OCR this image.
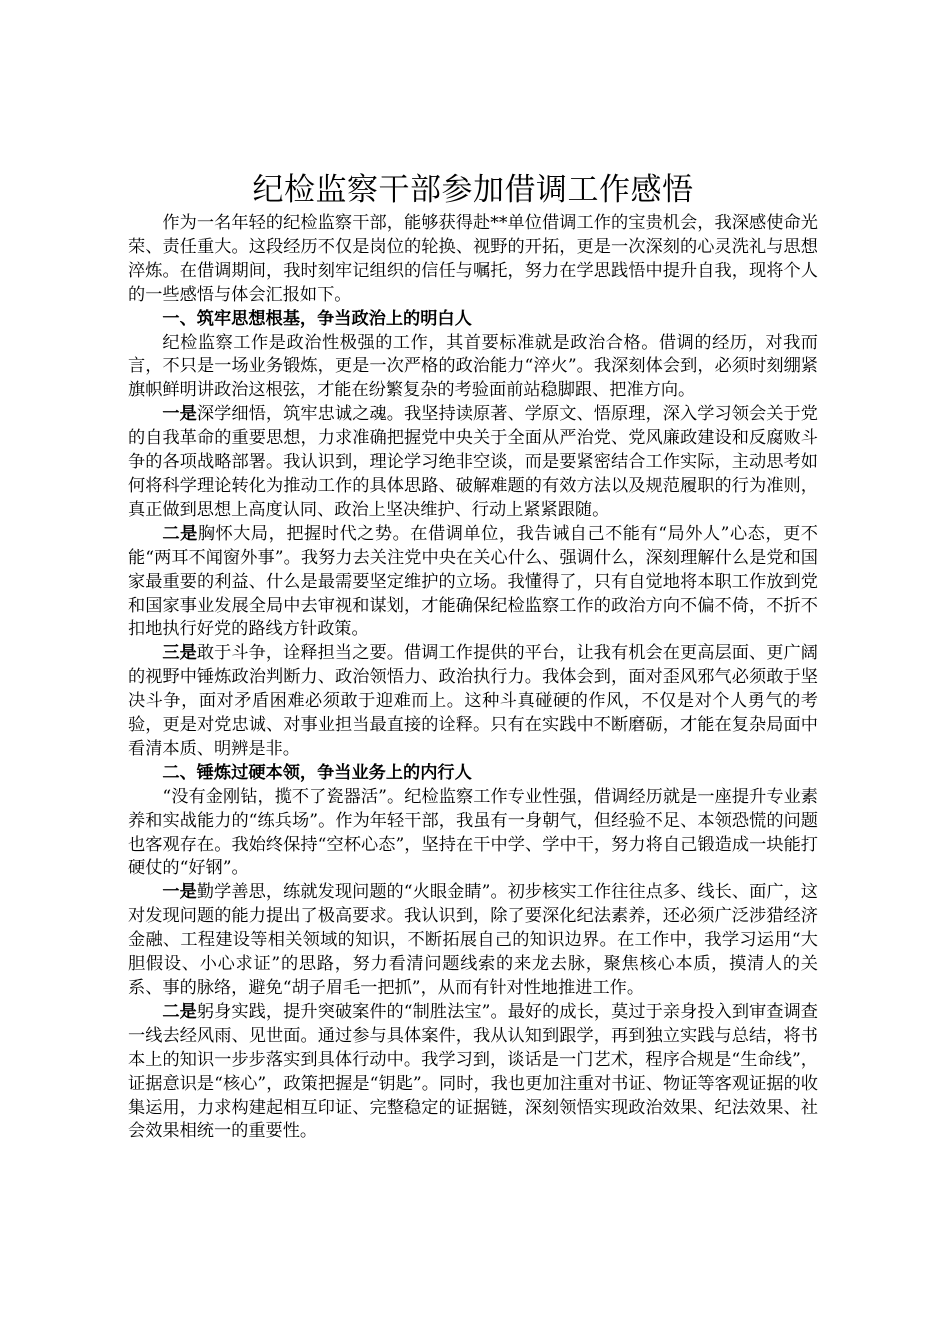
纪检监察干部参加借调工作感悟

作为一名年轻的纪检监察干部，能够获得赴**单位借调工作的宝贵机会，我深感使命光荣、责任重大。这段经历不仅是岗位的轮换、视野的开拓，更是一次深刻的心灵洗礼与思想淬炼。在借调期间，我时刻牢记组织的信任与嘱托，努力在学思践悟中提升自我，现将个人的一些感悟与体会汇报如下。

一、筑牢思想根基，争当政治上的明白人

纪检监察工作是政治性极强的工作，其首要标准就是政治合格。借调的经历，对我而言，不只是一场业务锻炼，更是一次严格的政治能力“淬火”。我深刻体会到，必须时刻绷紧旗帜鲜明讲政治这根弦，才能在纷繁复杂的考验面前站稳脚跟、把准方向。

一是深学细悟，筑牢忠诚之魂。我坚持读原著、学原文、悟原理，深入学习领会关于党的自我革命的重要思想，力求准确把握党中央关于全面从严治党、党风廉政建设和反腐败斗争的各项战略部署。我认识到，理论学习绝非空谈，而是要紧密结合工作实际，主动思考如何将科学理论转化为推动工作的具体思路、破解难题的有效方法以及规范履职的行为准则，真正做到思想上高度认同、政治上坚决维护、行动上紧紧跟随。

二是胸怀大局，把握时代之势。在借调单位，我告诫自己不能有“局外人”心态，更不能“两耳不闻窗外事”。我努力去关注党中央在关心什么、强调什么，深刻理解什么是党和国家最重要的利益、什么是最需要坚定维护的立场。我懂得了，只有自觉地将本职工作放到党和国家事业发展全局中去审视和谋划，才能确保纪检监察工作的政治方向不偏不倚，不折不扣地执行好党的路线方针政策。

三是敢于斗争，诠释担当之要。借调工作提供的平台，让我有机会在更高层面、更广阔的视野中锤炼政治判断力、政治领悟力、政治执行力。我体会到，面对歪风邪气必须敢于坚决斗争，面对矛盾困难必须敢于迎难而上。这种斗真碰硬的作风，不仅是对个人勇气的考验，更是对党忠诚、对事业担当最直接的诠释。只有在实践中不断磨砺，才能在复杂局面中看清本质、明辨是非。

二、锤炼过硬本领，争当业务上的内行人

“没有金刚钻，揽不了瓷器活”。纪检监察工作专业性强，借调经历就是一座提升专业素养和实战能力的“练兵场”。作为年轻干部，我虽有一身朝气，但经验不足、本领恐慌的问题也客观存在。我始终保持“空杯心态”，坚持在干中学、学中干，努力将自己锻造成一块能打硬仗的“好钢”。

一是勤学善思，练就发现问题的“火眼金睛”。初步核实工作往往点多、线长、面广，这对发现问题的能力提出了极高要求。我认识到，除了要深化纪法素养，还必须广泛涉猎经济金融、工程建设等相关领域的知识，不断拓展自己的知识边界。在工作中，我学习运用“大胆假设、小心求证”的思路，努力看清问题线索的来龙去脉，聚焦核心本质，摸清人的关系、事的脉络，避免“胡子眉毛一把抓”，从而有针对性地推进工作。

二是躬身实践，提升突破案件的“制胜法宝”。最好的成长，莫过于亲身投入到审查调查一线去经风雨、见世面。通过参与具体案件，我从认知到跟学，再到独立实践与总结，将书本上的知识一步步落实到具体行动中。我学习到，谈话是一门艺术，程序合规是“生命线”，证据意识是“核心”，政策把握是“钥匙”。同时，我也更加注重对书证、物证等客观证据的收集运用，力求构建起相互印证、完整稳定的证据链，深刻领悟实现政治效果、纪法效果、社会效果相统一的重要性。
